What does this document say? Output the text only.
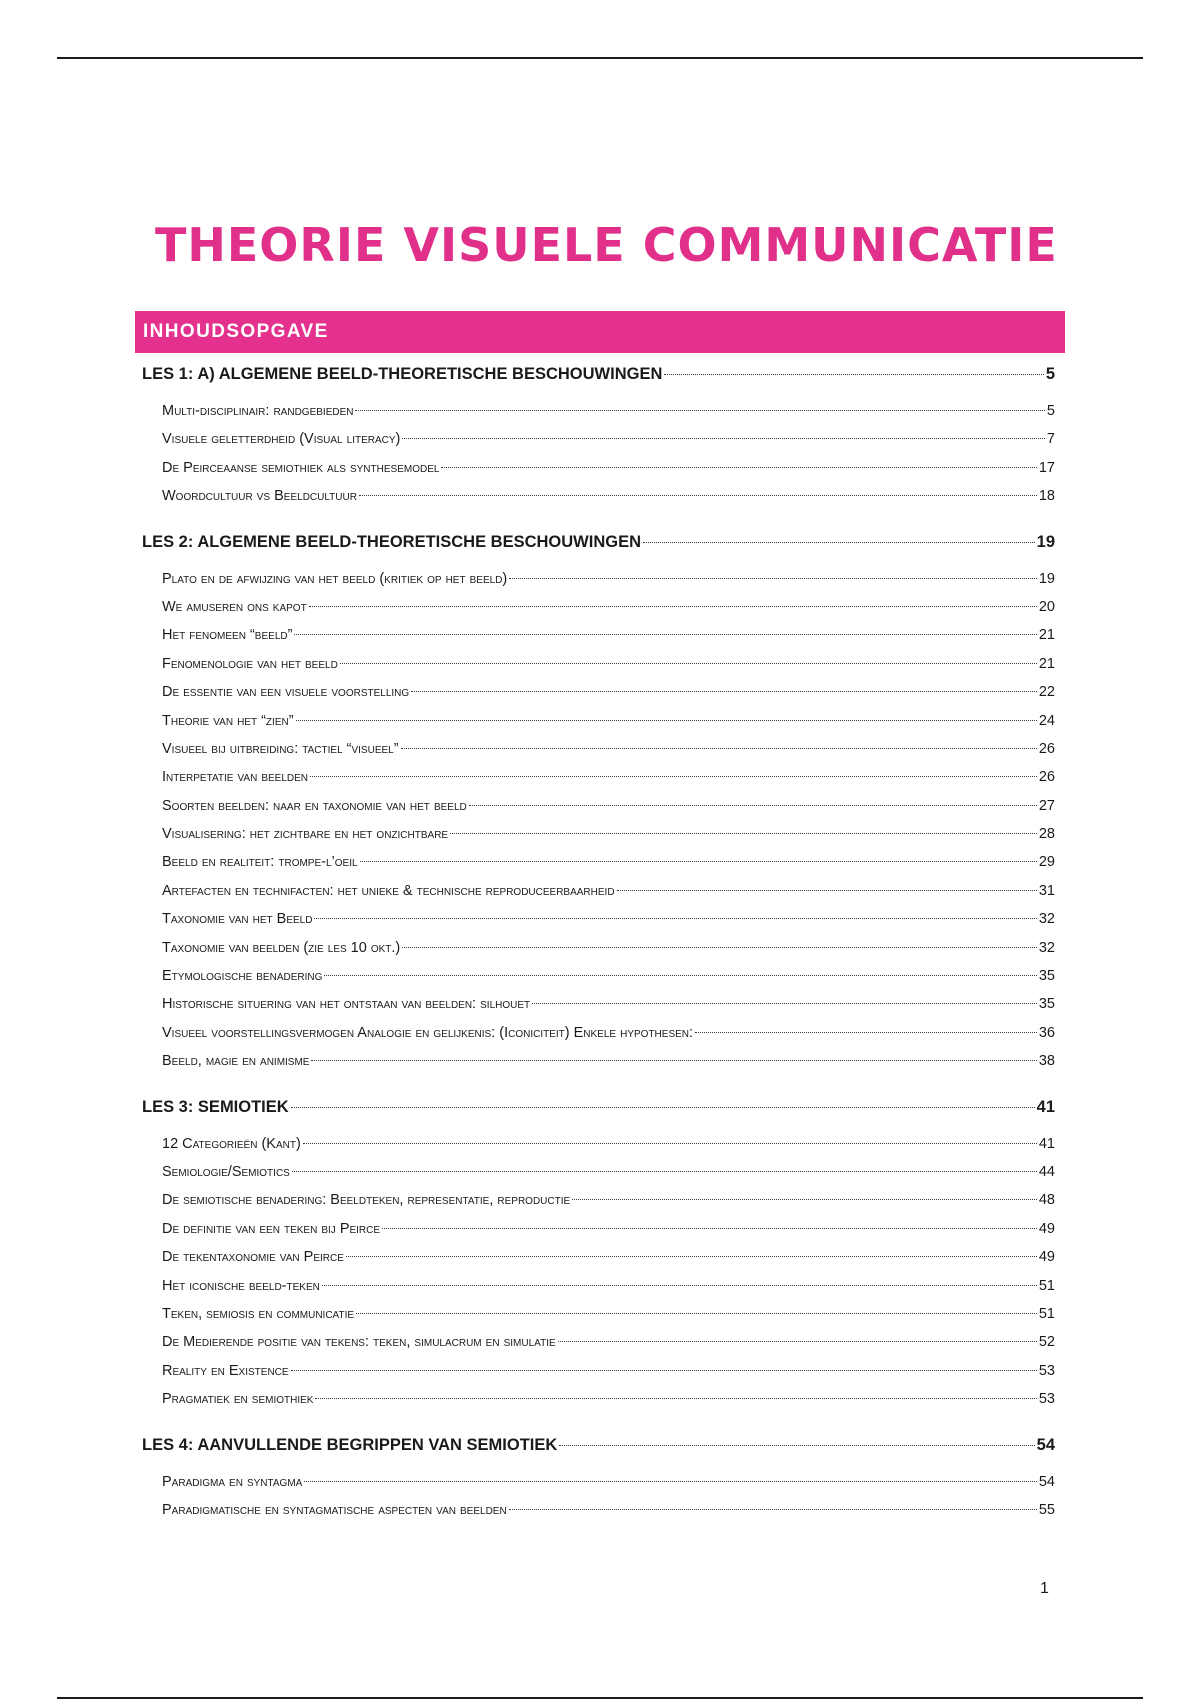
THEORIE VISUELE COMMUNICATIE
INHOUDSOPGAVE
LES 1: A) ALGEMENE BEELD-THEORETISCHE BESCHOUWINGEN	5
Multi-disciplinair: randgebieden	5
Visuele geletterdheid (Visual literacy)	7
De Peirceaanse semiothiek als synthesemodel	17
Woordcultuur vs Beeldcultuur	18
LES 2: ALGEMENE BEELD-THEORETISCHE BESCHOUWINGEN	19
Plato en de afwijzing van het beeld (kritiek op het beeld)	19
We amuseren ons kapot	20
Het fenomeen “beeld”	21
Fenomenologie van het beeld	21
De essentie van een visuele voorstelling	22
Theorie van het “zien”	24
Visueel bij uitbreiding: tactiel “visueel”	26
Interpetatie van beelden	26
Soorten beelden: naar en taxonomie van het beeld	27
Visualisering: het zichtbare en het onzichtbare	28
Beeld en realiteit: trompe-l’oeil	29
Artefacten en technifacten: het unieke & technische reproduceerbaarheid	31
Taxonomie van het Beeld	32
Taxonomie van beelden (zie les 10 okt.)	32
Etymologische benadering	35
Historische situering van het ontstaan van beelden: silhouet	35
Visueel voorstellingsvermogen Analogie en gelijkenis: (Iconiciteit) Enkele hypothesen:	36
Beeld, magie en animisme	38
LES 3: SEMIOTIEK	41
12 Categorieën (Kant)	41
Semiologie/Semiotics	44
De semiotische benadering: Beeldteken, representatie, reproductie	48
De definitie van een teken bij Peirce	49
De tekentaxonomie van Peirce	49
Het iconische beeld-teken	51
Teken, semiosis en communicatie	51
De Medierende positie van tekens: teken, simulacrum en simulatie	52
Reality en Existence	53
Pragmatiek en semiothiek	53
LES 4: AANVULLENDE BEGRIPPEN VAN SEMIOTIEK	54
Paradigma en syntagma	54
Paradigmatische en syntagmatische aspecten van beelden	55
1
